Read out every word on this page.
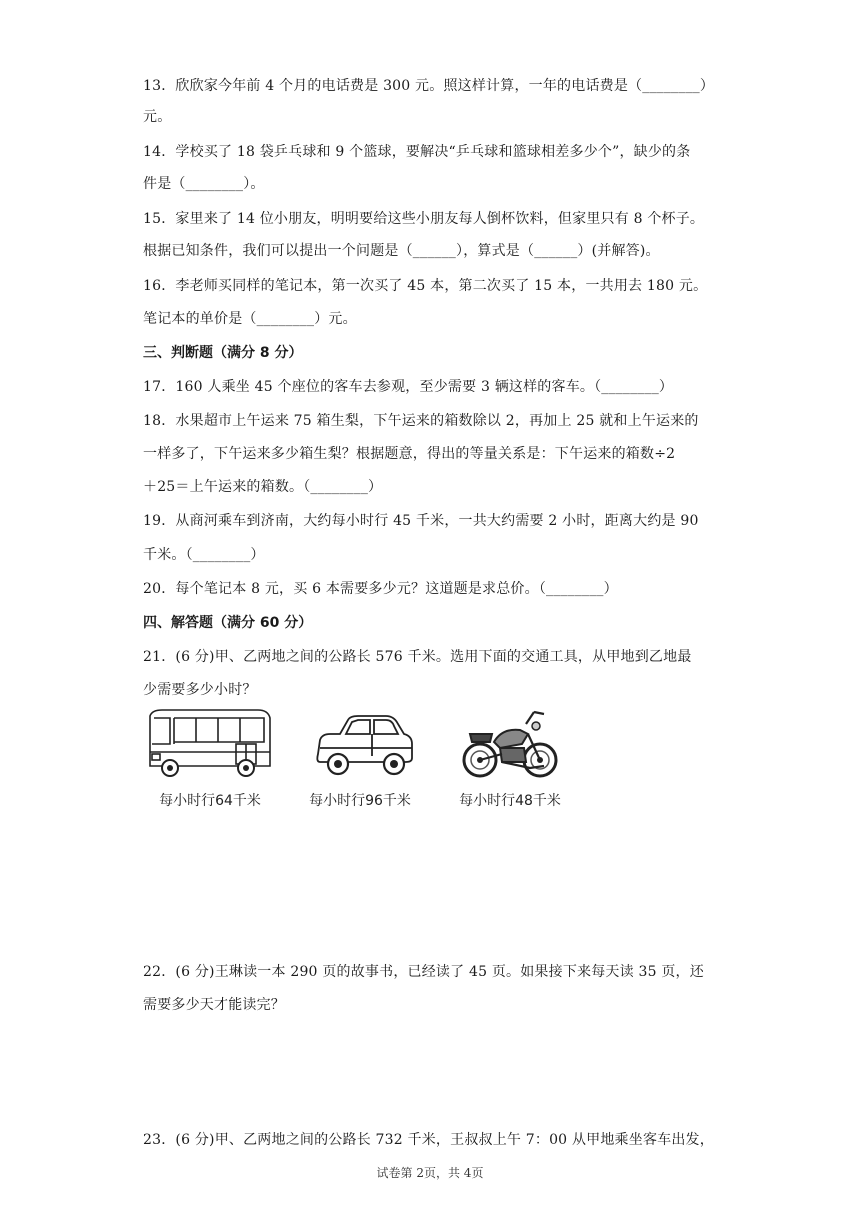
13．欣欣家今年前 4 个月的电话费是 300 元。照这样计算，一年的电话费是（________）
元。
14．学校买了 18 袋乒乓球和 9 个篮球，要解决“乒乓球和篮球相差多少个”，缺少的条
件是（________）。
15．家里来了 14 位小朋友，明明要给这些小朋友每人倒杯饮料，但家里只有 8 个杯子。
根据已知条件，我们可以提出一个问题是（______），算式是（______）(并解答)。
16．李老师买同样的笔记本，第一次买了 45 本，第二次买了 15 本，一共用去 180 元。
笔记本的单价是（________）元。
三、判断题（满分 8 分）
17．160 人乘坐 45 个座位的客车去参观，至少需要 3 辆这样的客车。（________）
18．水果超市上午运来 75 箱生梨，下午运来的箱数除以 2，再加上 25 就和上午运来的
一样多了，下午运来多少箱生梨？根据题意，得出的等量关系是：下午运来的箱数÷2
＋25＝上午运来的箱数。（________）
19．从商河乘车到济南，大约每小时行 45 千米，一共大约需要 2 小时，距离大约是 90
千米。（________）
20．每个笔记本 8 元，买 6 本需要多少元？这道题是求总价。（________）
四、解答题（满分 60 分）
21．(6 分)甲、乙两地之间的公路长 576 千米。选用下面的交通工具，从甲地到乙地最
少需要多少小时？
每小时行64千米	每小时行96千米	每小时行48千米
22．(6 分)王琳读一本 290 页的故事书，已经读了 45 页。如果接下来每天读 35 页，还
需要多少天才能读完？
23．(6 分)甲、乙两地之间的公路长 732 千米，王叔叔上午 7：00 从甲地乘坐客车出发，
试卷第 2页，共 4页
